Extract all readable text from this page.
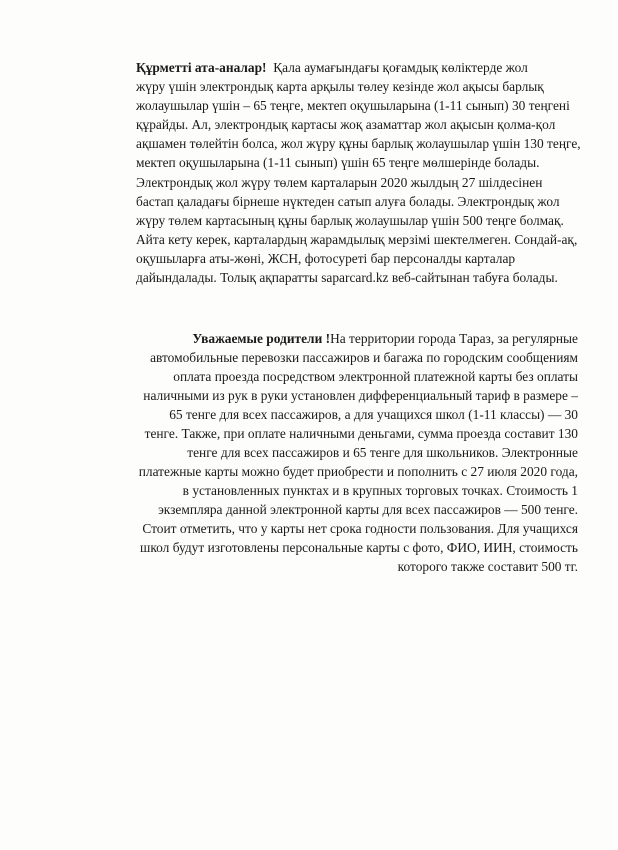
Құрметті ата-аналар!  Қала аумағындағы қоғамдық көліктерде жол
жүру үшін электрондық карта арқылы төлеу кезінде жол ақысы барлық
жолаушылар үшін – 65 теңге, мектеп оқушыларына (1-11 сынып) 30 теңгені
құрайды. Ал, электрондық картасы жоқ азаматтар жол ақысын қолма-қол
ақшамен төлейтін болса, жол жүру құны барлық жолаушылар үшін 130 теңге,
мектеп оқушыларына (1-11 сынып) үшін 65 теңге мөлшерінде болады.
Электрондық жол жүру төлем карталарын 2020 жылдың 27 шілдесінен
бастап қаладағы бірнеше нүктеден сатып алуға болады. Электрондық жол
жүру төлем картасының құны барлық жолаушылар үшін 500 теңге болмақ.
Айта кету керек, карталардың жарамдылық мерзімі шектелмеген. Сондай-ақ,
оқушыларға аты-жөні, ЖСН, фотосуреті бар персоналды карталар
дайындалады. Толық ақпаратты saparcard.kz веб-сайтынан табуға болады.
Уважаемые родители !На территории города Тараз, за регулярные
автомобильные перевозки пассажиров и багажа по городским сообщениям
оплата проезда посредством электронной платежной карты без оплаты
наличными из рук в руки установлен дифференциальный тариф в размере –
65 тенге для всех пассажиров, а для учащихся школ (1-11 классы) — 30
тенге. Также, при оплате наличными деньгами, сумма проезда составит 130
тенге для всех пассажиров и 65 тенге для школьников. Электронные
платежные карты можно будет приобрести и пополнить с 27 июля 2020 года,
в установленных пунктах и в крупных торговых точках. Стоимость 1
экземпляра данной электронной карты для всех пассажиров — 500 тенге.
Стоит отметить, что у карты нет срока годности пользования. Для учащихся
школ будут изготовлены персональные карты с фото, ФИО, ИИН, стоимость
которого также составит 500 тг.
